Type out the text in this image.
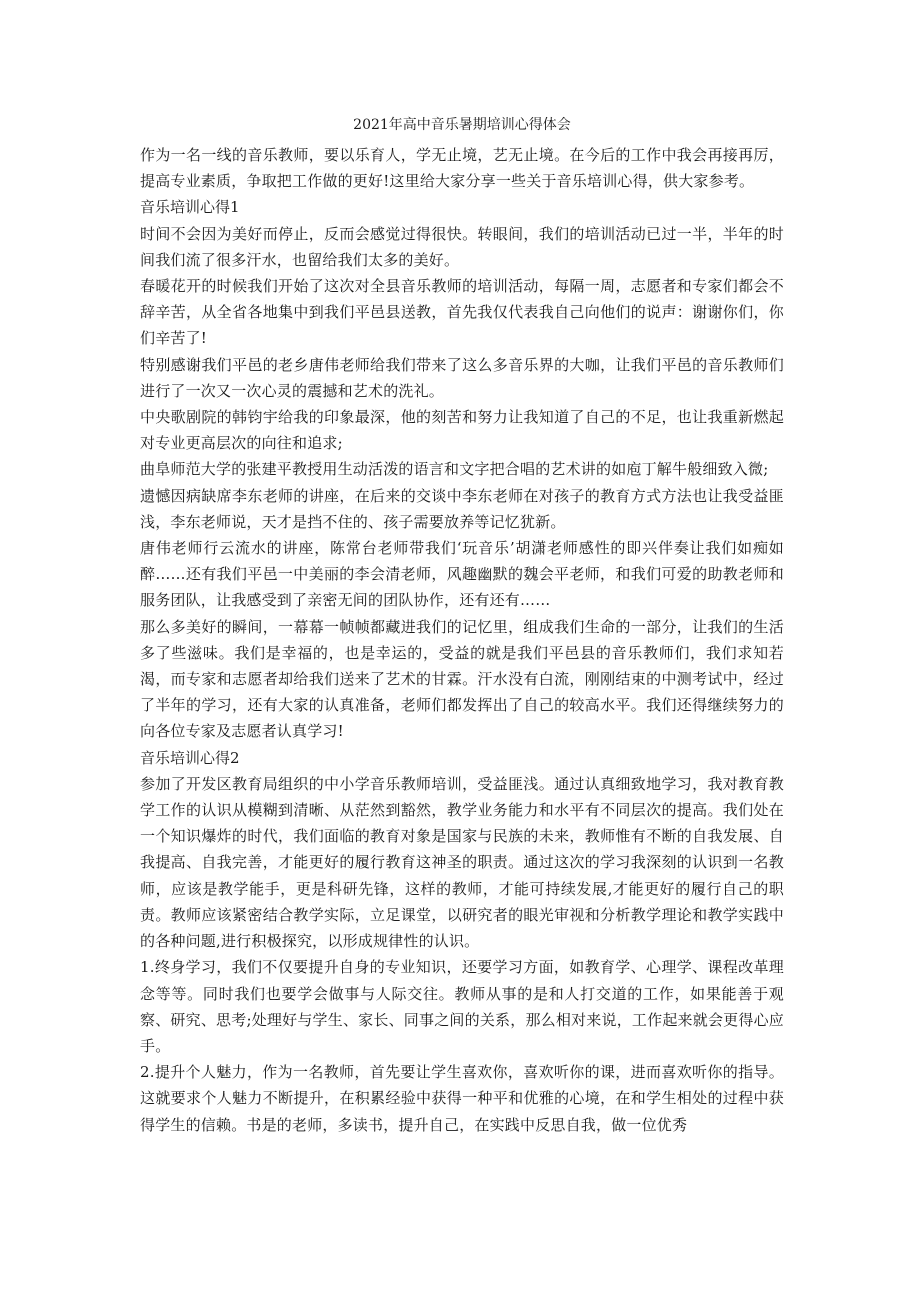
2021年高中音乐暑期培训心得体会

作为一名一线的音乐教师，要以乐育人，学无止境，艺无止境。在今后的工作中我会再接再厉，提高专业素质，争取把工作做的更好!这里给大家分享一些关于音乐培训心得，供大家参考。

音乐培训心得1

时间不会因为美好而停止，反而会感觉过得很快。转眼间，我们的培训活动已过一半，半年的时间我们流了很多汗水，也留给我们太多的美好。

春暖花开的时候我们开始了这次对全县音乐教师的培训活动，每隔一周，志愿者和专家们都会不辞辛苦，从全省各地集中到我们平邑县送教，首先我仅代表我自己向他们的说声：谢谢你们，你们辛苦了!

特别感谢我们平邑的老乡唐伟老师给我们带来了这么多音乐界的大咖，让我们平邑的音乐教师们进行了一次又一次心灵的震撼和艺术的洗礼。

中央歌剧院的韩钧宇给我的印象最深，他的刻苦和努力让我知道了自己的不足，也让我重新燃起对专业更高层次的向往和追求;

曲阜师范大学的张建平教授用生动活泼的语言和文字把合唱的艺术讲的如庖丁解牛般细致入微;

遗憾因病缺席李东老师的讲座，在后来的交谈中李东老师在对孩子的教育方式方法也让我受益匪浅，李东老师说，天才是挡不住的、孩子需要放养等记忆犹新。

唐伟老师行云流水的讲座，陈常台老师带我们‘玩音乐’胡潇老师感性的即兴伴奏让我们如痴如醉……还有我们平邑一中美丽的李会清老师，风趣幽默的魏会平老师，和我们可爱的助教老师和服务团队，让我感受到了亲密无间的团队协作，还有还有……

那么多美好的瞬间，一幕幕一帧帧都藏进我们的记忆里，组成我们生命的一部分，让我们的生活多了些滋味。我们是幸福的，也是幸运的，受益的就是我们平邑县的音乐教师们，我们求知若渴，而专家和志愿者却给我们送来了艺术的甘霖。汗水没有白流，刚刚结束的中测考试中，经过了半年的学习，还有大家的认真准备，老师们都发挥出了自己的较高水平。我们还得继续努力的向各位专家及志愿者认真学习!

音乐培训心得2

参加了开发区教育局组织的中小学音乐教师培训，受益匪浅。通过认真细致地学习，我对教育教学工作的认识从模糊到清晰、从茫然到豁然，教学业务能力和水平有不同层次的提高。我们处在一个知识爆炸的时代，我们面临的教育对象是国家与民族的未来，教师惟有不断的自我发展、自我提高、自我完善，才能更好的履行教育这神圣的职责。通过这次的学习我深刻的认识到一名教师，应该是教学能手，更是科研先锋，这样的教师，才能可持续发展,才能更好的履行自己的职责。教师应该紧密结合教学实际，立足课堂，以研究者的眼光审视和分析教学理论和教学实践中的各种问题,进行积极探究，以形成规律性的认识。

1.终身学习，我们不仅要提升自身的专业知识，还要学习方面，如教育学、心理学、课程改革理念等等。同时我们也要学会做事与人际交往。教师从事的是和人打交道的工作，如果能善于观察、研究、思考;处理好与学生、家长、同事之间的关系，那么相对来说，工作起来就会更得心应手。

2.提升个人魅力，作为一名教师，首先要让学生喜欢你，喜欢听你的课，进而喜欢听你的指导。这就要求个人魅力不断提升，在积累经验中获得一种平和优雅的心境，在和学生相处的过程中获得学生的信赖。书是的老师，多读书，提升自己，在实践中反思自我，做一位优秀
